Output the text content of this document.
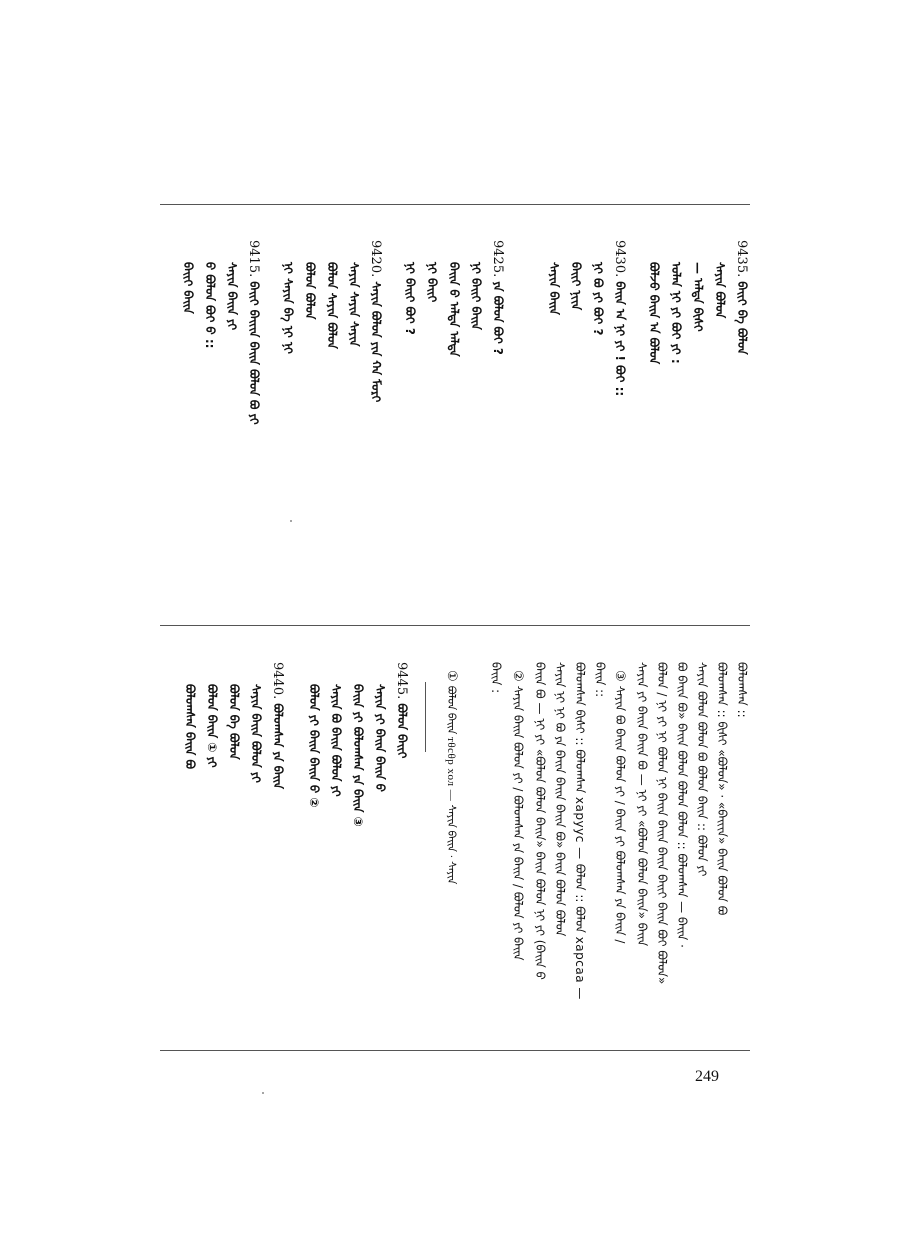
9435. ᠪᠠᠢᠢ ᠪᠠ ᠪᠣᠯᠣᠨ
ᠰᠠᠶᠢᠨ ᠪᠣᠯᠤᠨ
— ᠠᠯᠳᠠ ᠪᠢᠰᠢ
ᠣᠯᠠᠨ ᠨᠢ ᠶᠢ ᠪᠤᠢ ᠶᠢ :
ᠪᠣᠯᠵᠤ ᠪᠠᠢᠨ ᠠ ᠪᠣᠯᠤᠨ
9430. ᠪᠠᠢᠨ ᠠ ᠨᠢ ᠶᠢ ! ᠪᠣᠢ ::
ᠨᠢ ᠪᠣ ᠶᠢ ᠪᠤᠢ ?
ᠪᠠᠢᠢ ᠨᠢᠢᠨ
ᠰᠠᠶᠢᠨ ᠪᠠᠢᠨ
9425. ᠶᠠ ᠪᠣᠯᠤᠨ ᠪᠤᠢ ?
ᠨᠢ ᠪᠠᠢᠢ ᠪᠠᠢᠨ
ᠪᠠᠢᠨ ᠪ ᠠᠯᠳᠠ ᠠᠯᠳᠠ
ᠨᠢ ᠪᠠᠢᠢ
ᠨᠢ ᠪᠠᠢᠢ ᠪᠤᠢ ?
9420. ᠰᠠᠶᠢᠨ ᠪᠣᠯᠤᠨ ᠶᠢᠨ ᠬᠠ ᠮᠣᠷᠢ
ᠰᠠᠶᠢᠨ ᠰᠠᠶᠢᠨ ᠰᠠᠶᠢᠨ
ᠪᠣᠯᠤᠨ ᠰᠠᠶᠢᠨ ᠪᠣᠯᠣᠨ
ᠪᠣᠯᠤᠨ ᠪᠣᠯᠤᠨ
ᠨᠢ ᠰᠠᠶᠢᠨ ᠪᠠ ᠨᠢ ᠨᠢ
9415. ᠪᠠᠢᠢ ᠪᠠᠢᠢᠨ ᠪᠠᠢᠨ ᠪᠣᠯᠤᠨ ᠪᠣ ᠶᠢ
ᠰᠠᠶᠢᠨ ᠪᠠᠢᠨ ᠶᠢ
ᠪ ᠪᠣᠯᠤᠨ ᠪᠤᠢ ᠪ ::
ᠪᠠᠢᠢ ᠪᠠᠢᠨ
ᠪᠣᠯᠣᠭᠰᠠᠨ ::
ᠪᠣᠯᠣᠭᠰᠠᠨ :: ᠪᠢᠰᠢ «ᠪᠣᠯᠤᠨ» · «ᠪᠠᠢᠢᠨ» ᠪᠠᠢᠨ ᠪᠣᠯᠣᠨ ᠪᠣ
ᠰᠠᠶᠢᠨ ᠪᠣᠯᠤᠨ ᠪᠣᠯᠤᠨ ᠪᠣ ᠪᠣᠯᠤᠨ ᠪᠠᠢᠨ :: ᠪᠣᠯᠤᠨ ᠶᠢ
ᠪᠣ ᠪᠠᠢᠨ ᠪᠣ» ᠪᠠᠢᠨ ᠪᠣᠯᠣᠨ ᠪᠣᠯᠤᠨ ᠪᠣᠯᠤᠨ :: ᠪᠣᠯᠣᠭᠰᠠᠨ — ᠪᠠᠢᠨ ·
ᠪᠣᠯᠤᠨ / ᠨᠢ ᠶᠢ ᠨᠢ ᠪᠣᠯᠤᠨ ᠨᠢ ᠪᠠᠢᠨ ᠪᠠᠢᠨ ᠪᠠᠢᠨ ᠪᠠᠢᠢ ᠪᠠᠢᠨ ᠪᠤᠢ ᠪᠣᠯᠤᠨ»
ᠰᠠᠶᠢᠨ ᠶᠢ ᠪᠠᠢᠨ ᠪᠠᠢᠨ ᠪᠣ — ᠨᠢ ᠶᠢ «ᠪᠣᠯᠤᠨ ᠪᠣᠯᠤᠨ ᠪᠠᠢᠨ» ᠪᠠᠢᠨ
③ ᠰᠠᠶᠢᠨ ᠪᠣ ᠪᠠᠢᠨ ᠪᠣᠯᠤᠨ ᠶᠢ / ᠪᠠᠢᠨ ᠶᠢ ᠪᠣᠯᠣᠭᠰᠠᠨ ᠶᠠ ᠪᠠᠢᠨ /
ᠪᠠᠢᠨ ::
ᠪᠣᠯᠣᠭᠰᠠᠨ ᠪᠢᠰᠢ :: ᠪᠣᠯᠣᠭᠰᠠᠨ xapyyc — ᠪᠣᠯᠤᠨ :: ᠪᠣᠯᠤᠨ xapcaa —
ᠰᠠᠶᠢᠨ ᠨᠢ ᠨᠢ ᠪᠣ ᠶᠠ ᠪᠠᠢᠨ ᠪᠠᠢᠨ ᠪᠠᠢᠨ ᠪᠣ» ᠪᠠᠢᠨ ᠪᠣᠯᠣᠨ ᠪᠣᠯᠤᠨ
ᠪᠠᠢᠨ ᠪᠣ — ᠨᠢ ᠶᠢ «ᠪᠣᠯᠤᠨ ᠪᠣᠯᠤᠨ ᠪᠠᠢᠨ» ᠪᠠᠢᠨ ᠪᠣᠯᠤᠨ ᠨᠢ ᠶᠢ (ᠪᠠᠢᠨ ᠪ
② ᠰᠠᠶᠢᠨ ᠪᠠᠢᠨ ᠪᠣᠯᠤᠨ ᠶᠢ / ᠪᠣᠯᠣᠭᠰᠠᠨ ᠶᠠ ᠪᠠᠢᠨ / ᠪᠣᠯᠤᠨ ᠶᠢ ᠪᠠᠢᠨ
ᠪᠠᠢᠨ :
① ᠪᠣᠯᠤᠨ ᠪᠠᠢᠨ тθcθp xoл — ᠰᠠᠶᠢᠨ ᠪᠠᠢᠨ · ᠰᠠᠶᠢᠨ
9445. ᠪᠣᠯᠤᠨ ᠪᠠᠢᠢ
ᠰᠠᠶᠢᠨ ᠶᠢ ᠪᠠᠢᠨ ᠪᠠᠢᠨ ᠪ
ᠪᠠᠢᠨ ᠶᠢ ᠪᠣᠯᠣᠭᠰᠠᠨ ᠶᠠ ᠪᠠᠢᠨ ③
ᠰᠠᠶᠢᠨ ᠪᠣ ᠪᠠᠢᠨ ᠪᠣᠯᠤᠨ ᠶᠢ
ᠪᠣᠯᠤᠨ ᠶᠢ ᠪᠠᠢᠨ ᠪᠠᠢᠨ ᠪ ②
9440. ᠪᠣᠯᠣᠭᠰᠠᠨ ᠶᠠ ᠪᠠᠢᠨ
ᠰᠠᠶᠢᠨ ᠪᠠᠢᠨ ᠪᠣᠯᠤᠨ ᠶᠢ
ᠪᠣᠯᠤᠨ ᠪᠠ ᠪᠣᠯᠤᠨ
ᠪᠣᠯᠤᠨ ᠪᠠᠢᠨ ① ᠶᠢ
ᠪᠣᠯᠣᠭᠰᠠᠨ ᠪᠠᠢᠨ ᠪᠣ
249
